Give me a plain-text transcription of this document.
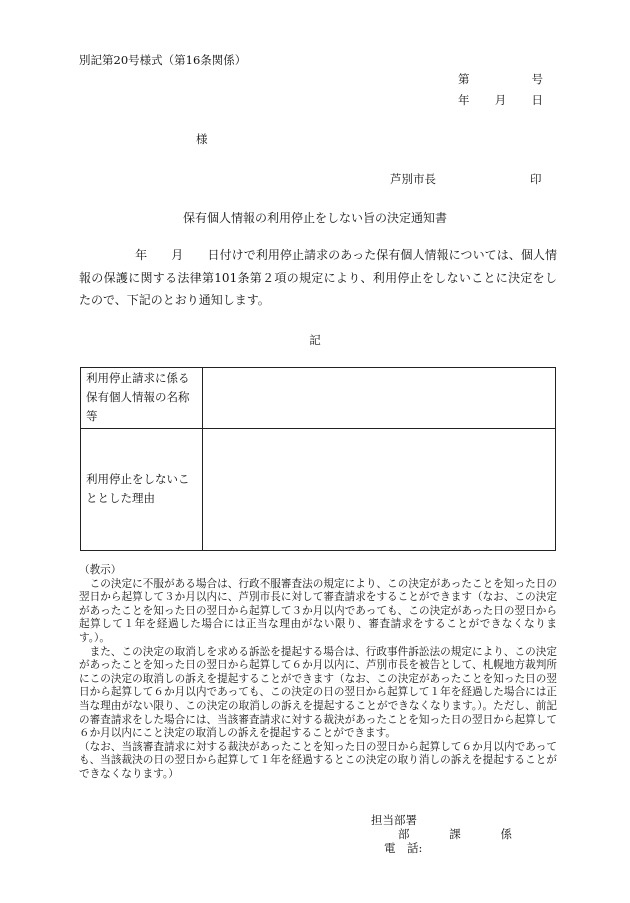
別記第20号様式（第16条関係）
第	号
年 月 日
様
芦別市長	印
保有個人情報の利用停止をしない旨の決定通知書
年　　 月　　 日付けで利用停止請求のあった保有個人情報については、個人情報の保護に関する法律第101条第２項の規定により、利用停止をしないことに決定をしたので、下記のとおり通知します。
記
利用停止請求に係る保有個人情報の名称等
利用停止をしないこととした理由

（教示）

この決定に不服がある場合は、行政不服審査法の規定により、この決定があったことを知った日の翌日から起算して３か月以内に、芦別市長に対して審査請求をすることができます（なお、この決定があったことを知った日の翌日から起算して３か月以内であっても、この決定があった日の翌日から起算して１年を経過した場合には正当な理由がない限り、審査請求をすることができなくなります。）。

また、この決定の取消しを求める訴訟を提起する場合は、行政事件訴訟法の規定により、この決定があったことを知った日の翌日から起算して６か月以内に、芦別市長を被告として、札幌地方裁判所にこの決定の取消しの訴えを提起することができます（なお、この決定があったことを知った日の翌日から起算して６か月以内であっても、この決定の日の翌日から起算して１年を経過した場合には正当な理由がない限り、この決定の取消しの訴えを提起することができなくなります。）。ただし、前記の審査請求をした場合には、当該審査請求に対する裁決があったことを知った日の翌日から起算して６か月以内にこと決定の取消しの訴えを提起することができます。

（なお、当該審査請求に対する裁決があったことを知った日の翌日から起算して６か月以内であっても、当該裁決の日の翌日から起算して１年を経過するとこの決定の取り消しの訴えを提起することができなくなります。）

担当部署
部	課	係
電　話:
